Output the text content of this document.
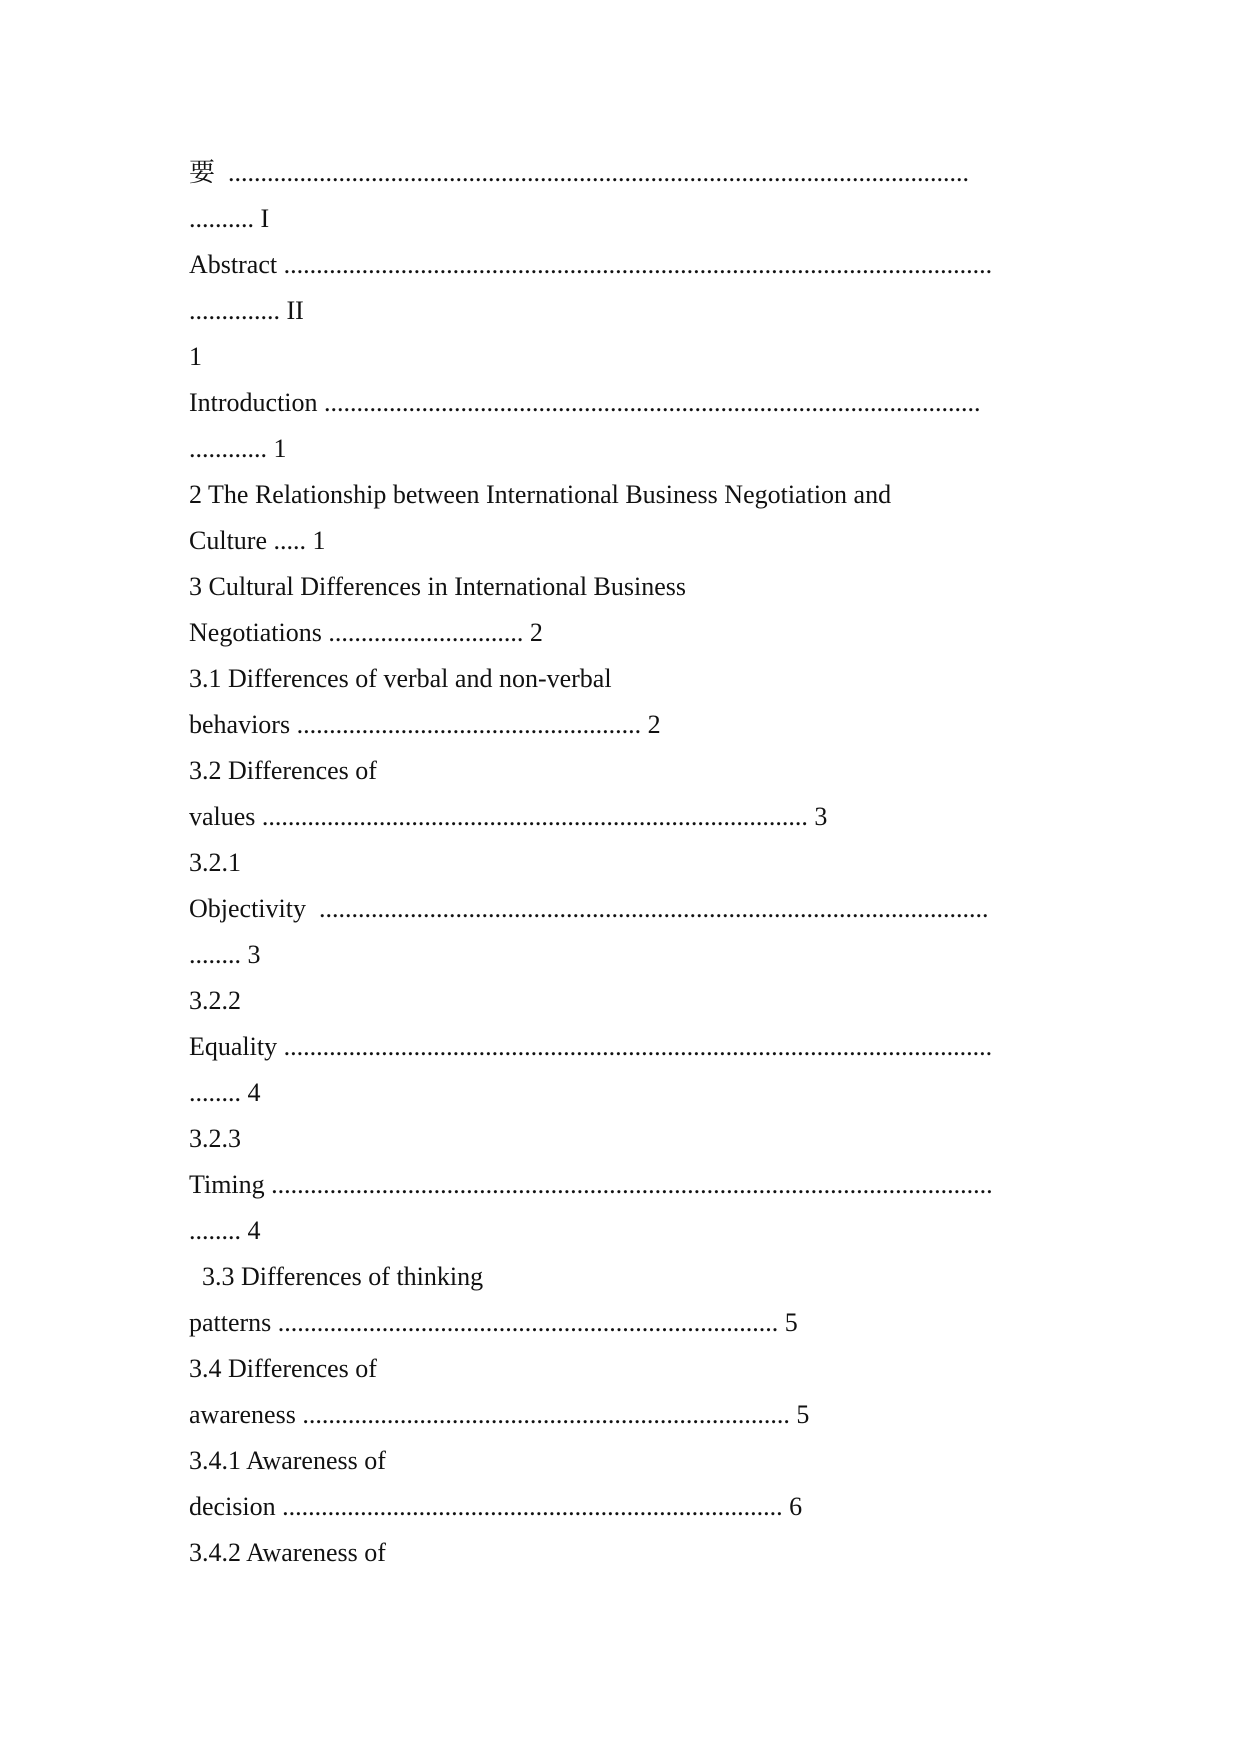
要  ..................................................................................................................
.......... I
Abstract .............................................................................................................
.............. II
1
Introduction .....................................................................................................
............ 1
2 The Relationship between International Business Negotiation and
Culture ..... 1
3 Cultural Differences in International Business
Negotiations .............................. 2
3.1 Differences of verbal and non-verbal
behaviors ..................................................... 2
3.2 Differences of
values .................................................................................... 3
3.2.1
Objectivity  .......................................................................................................
........ 3
3.2.2
Equality .............................................................................................................
........ 4
3.2.3
Timing ...............................................................................................................
........ 4
3.3 Differences of thinking
patterns ............................................................................. 5
3.4 Differences of
awareness ........................................................................... 5
3.4.1 Awareness of
decision ............................................................................. 6
3.4.2 Awareness of
